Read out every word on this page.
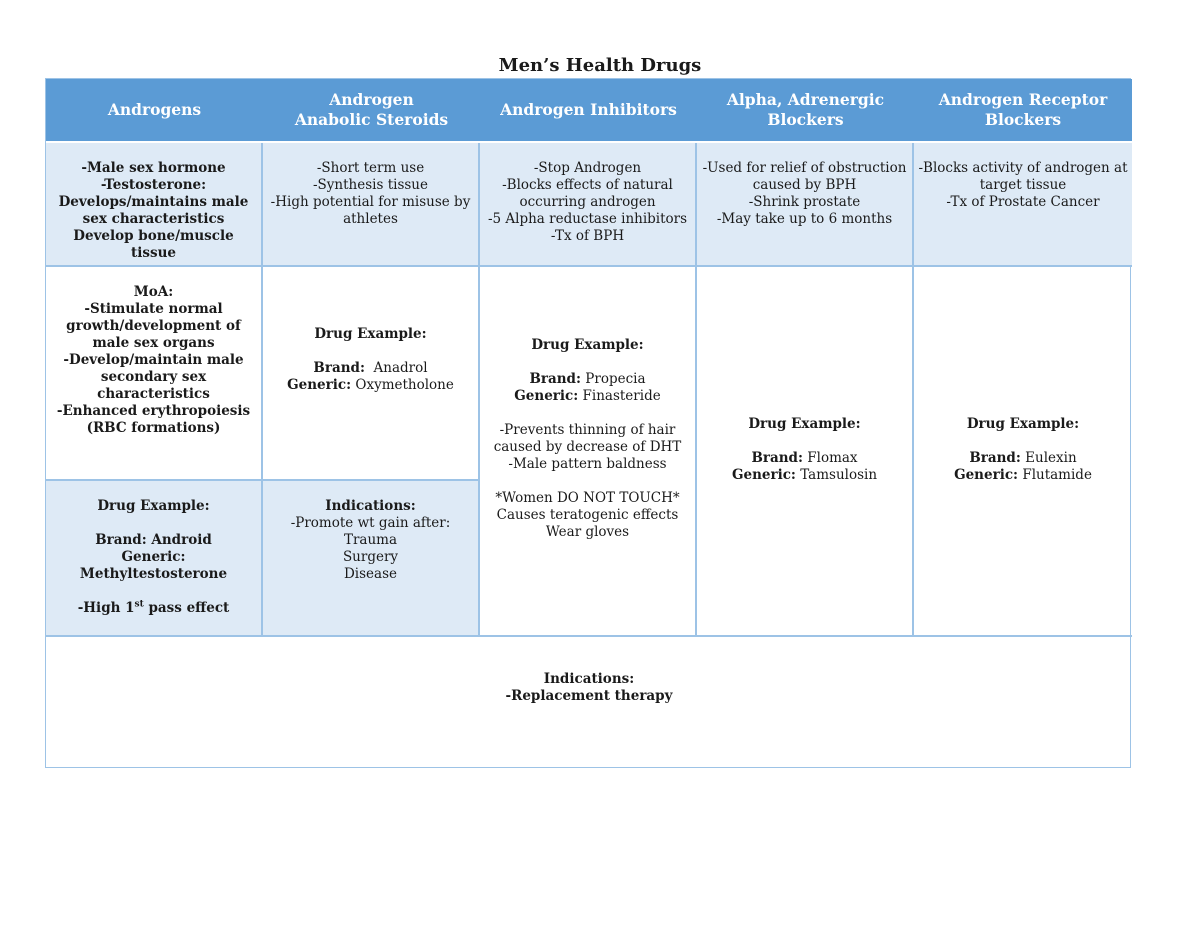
Men’s Health Drugs
Androgens
Androgen
Anabolic Steroids
Androgen Inhibitors
Alpha, Adrenergic
Blockers
Androgen Receptor
Blockers
-Male sex hormone
-Testosterone:
Develops/maintains male sex characteristics
Develop bone/muscle tissue
-Short term use
-Synthesis tissue
-High potential for misuse by athletes
-Stop Androgen
-Blocks effects of natural occurring androgen
-5 Alpha reductase inhibitors
-Tx of BPH
-Used for relief of obstruction caused by BPH
-Shrink prostate
-May take up to 6 months
-Blocks activity of androgen at target tissue
-Tx of Prostate Cancer
MoA:
-Stimulate normal growth/development of male sex organs
-Develop/maintain male secondary sex characteristics
-Enhanced erythropoiesis (RBC formations)
Drug Example:
Brand: Anadrol
Generic: Oxymetholone
Drug Example:
Brand: Propecia
Generic: Finasteride
-Prevents thinning of hair caused by decrease of DHT
-Male pattern baldness
*Women DO NOT TOUCH*
Causes teratogenic effects
Wear gloves
Drug Example:
Brand: Flomax
Generic: Tamsulosin
Drug Example:
Brand: Eulexin
Generic: Flutamide
Drug Example:
Brand: Android
Generic:
Methyltestosterone
-High 1st pass effect
Indications:
-Promote wt gain after:
Trauma
Surgery
Disease
Indications:
-Replacement therapy
